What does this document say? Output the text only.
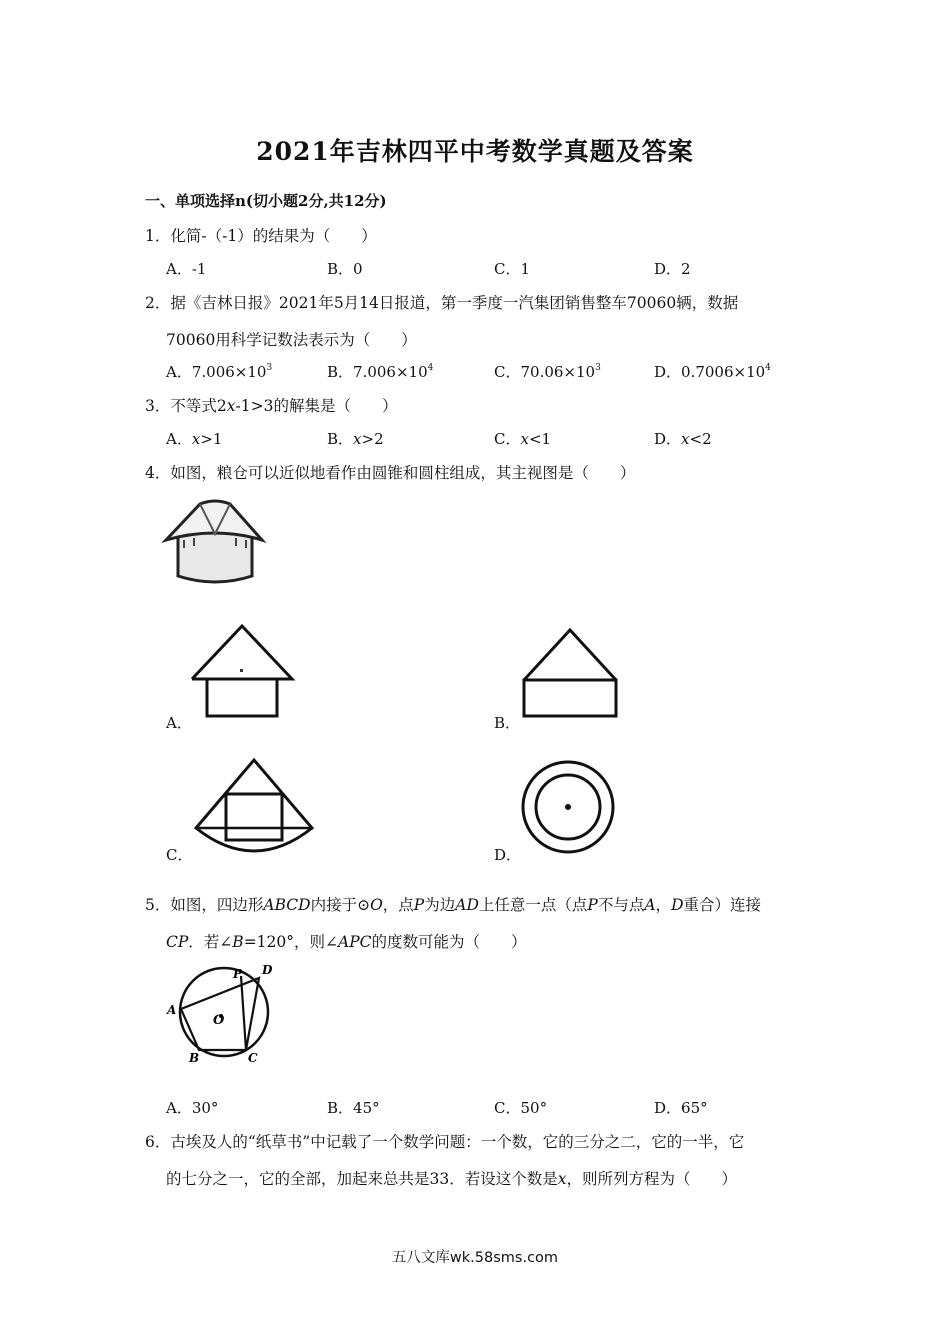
2021年吉林四平中考数学真题及答案
一、单项选择n(切小题2分,共12分)
1．化简-（-1）的结果为（　　）
A．-1	B．0	C．1	D．2
2．据《吉林日报》2021年5月14日报道，第一季度一汽集团销售整车70060辆，数据
70060用科学记数法表示为（　　）
A．$7.006\times 10^3$	B．$7.006\times 10^4$	C．$70.06\times 10^3$	D．$0.7006\times 10^4$
3．不等式2x-1>3的解集是（　　）
A．x>1	B．x>2	C．x<1	D．x<2
4．如图，粮仓可以近似地看作由圆锥和圆柱组成，其主视图是（　　）
A．	B．
C．	D．
5．如图，四边形ABCD内接于⊙O，点P为边AD上任意一点（点P不与点A，D重合）连接
CP．若∠B=120°，则∠APC的度数可能为（　　）
P D
A
O
B	C
A．30°	B．45°	C．50°	D．65°
6．古埃及人的“纸草书”中记载了一个数学问题：一个数，它的三分之二，它的一半，它
的七分之一，它的全部，加起来总共是33．若设这个数是x，则所列方程为（　　）
五八文库wk.58sms.com
